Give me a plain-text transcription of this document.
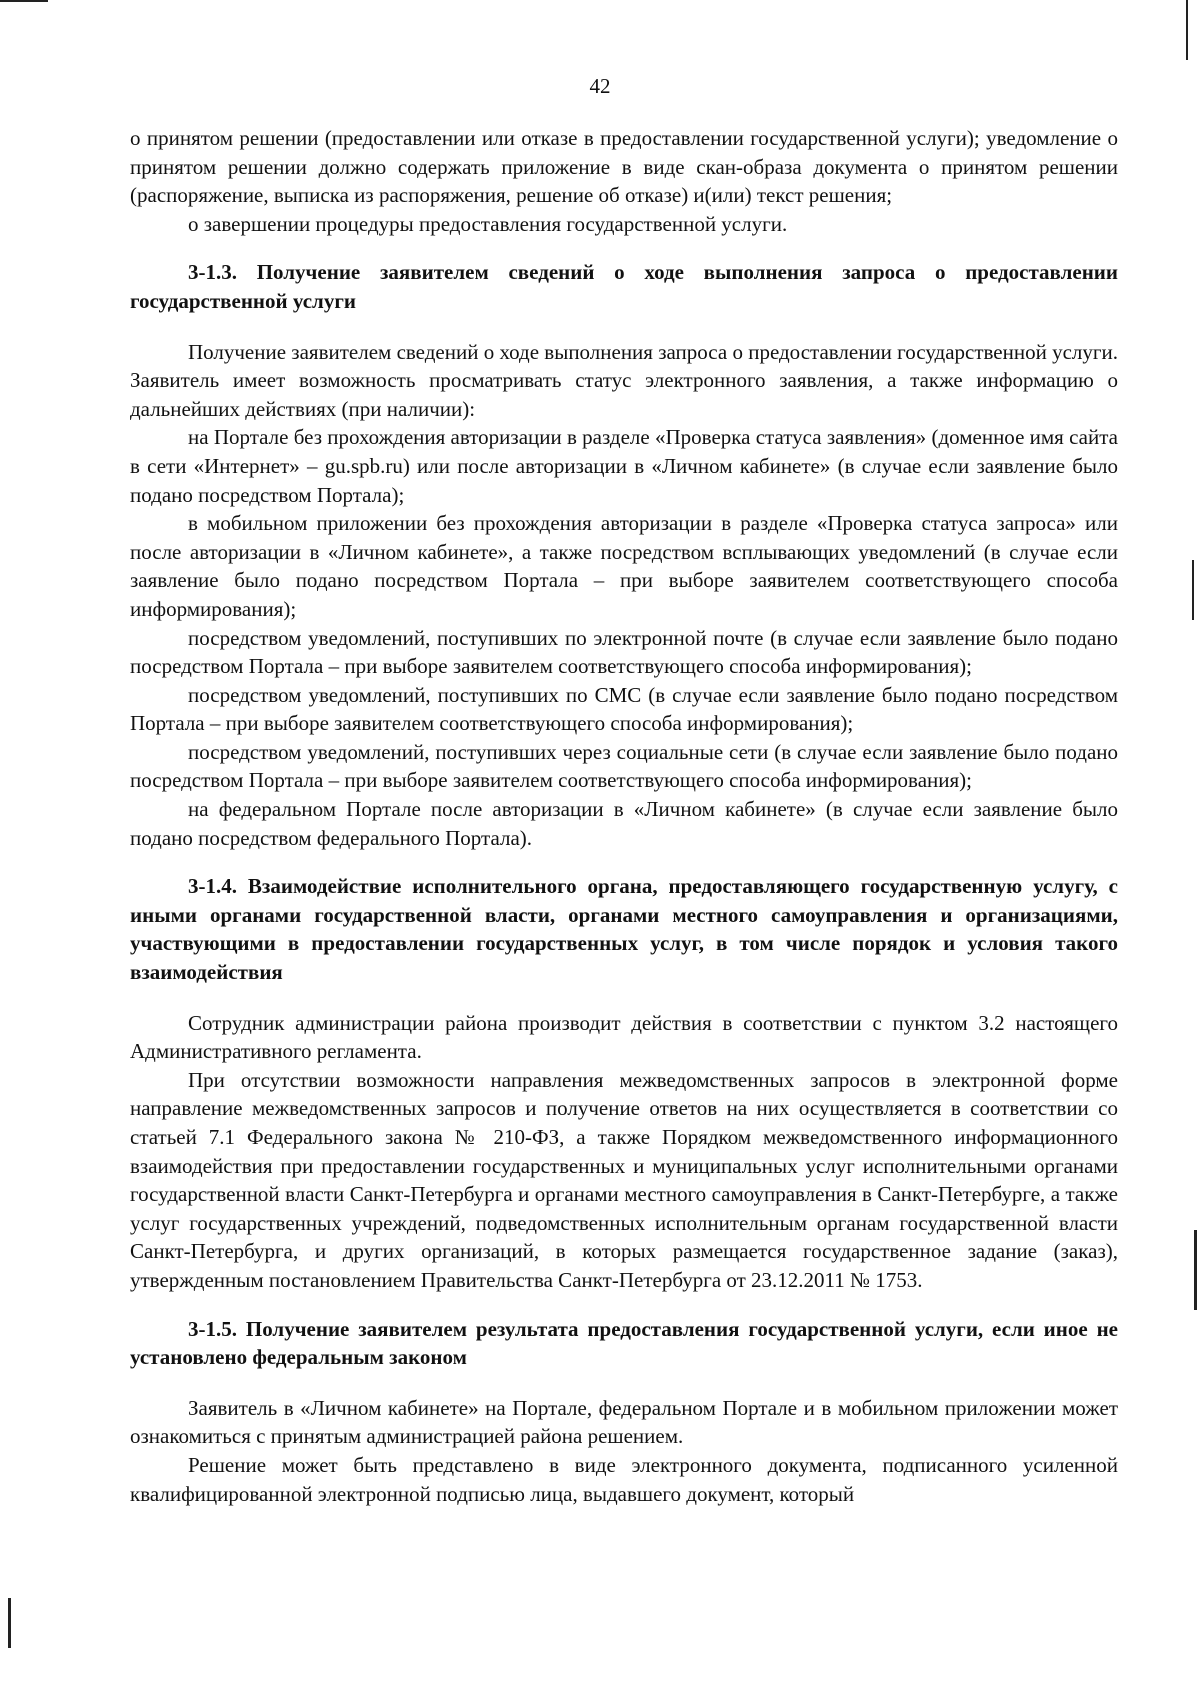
42

о принятом решении (предоставлении или отказе в предоставлении государственной услуги); уведомление о принятом решении должно содержать приложение в виде скан-образа документа о принятом решении (распоряжение, выписка из распоряжения, решение об отказе) и(или) текст решения;

о завершении процедуры предоставления государственной услуги.

3-1.3. Получение заявителем сведений о ходе выполнения запроса о предоставлении государственной услуги

Получение заявителем сведений о ходе выполнения запроса о предоставлении государственной услуги. Заявитель имеет возможность просматривать статус электронного заявления, а также информацию о дальнейших действиях (при наличии):

на Портале без прохождения авторизации в разделе «Проверка статуса заявления» (доменное имя сайта в сети «Интернет» – gu.spb.ru) или после авторизации в «Личном кабинете» (в случае если заявление было подано посредством Портала);

в мобильном приложении без прохождения авторизации в разделе «Проверка статуса запроса» или после авторизации в «Личном кабинете», а также посредством всплывающих уведомлений (в случае если заявление было подано посредством Портала – при выборе заявителем соответствующего способа информирования);

посредством уведомлений, поступивших по электронной почте (в случае если заявление было подано посредством Портала – при выборе заявителем соответствующего способа информирования);

посредством уведомлений, поступивших по СМС (в случае если заявление было подано посредством Портала – при выборе заявителем соответствующего способа информирования);

посредством уведомлений, поступивших через социальные сети (в случае если заявление было подано посредством Портала – при выборе заявителем соответствующего способа информирования);

на федеральном Портале после авторизации в «Личном кабинете» (в случае если заявление было подано посредством федерального Портала).

3-1.4. Взаимодействие исполнительного органа, предоставляющего государственную услугу, с иными органами государственной власти, органами местного самоуправления и организациями, участвующими в предоставлении государственных услуг, в том числе порядок и условия такого взаимодействия

Сотрудник администрации района производит действия в соответствии с пунктом 3.2 настоящего Административного регламента.

При отсутствии возможности направления межведомственных запросов в электронной форме направление межведомственных запросов и получение ответов на них осуществляется в соответствии со статьей 7.1 Федерального закона № 210-ФЗ, а также Порядком межведомственного информационного взаимодействия при предоставлении государственных и муниципальных услуг исполнительными органами государственной власти Санкт-Петербурга и органами местного самоуправления в Санкт-Петербурге, а также услуг государственных учреждений, подведомственных исполнительным органам государственной власти Санкт-Петербурга, и других организаций, в которых размещается государственное задание (заказ), утвержденным постановлением Правительства Санкт-Петербурга от 23.12.2011 № 1753.

3-1.5. Получение заявителем результата предоставления государственной услуги, если иное не установлено федеральным законом

Заявитель в «Личном кабинете» на Портале, федеральном Портале и в мобильном приложении может ознакомиться с принятым администрацией района решением.

Решение может быть представлено в виде электронного документа, подписанного усиленной квалифицированной электронной подписью лица, выдавшего документ, который
